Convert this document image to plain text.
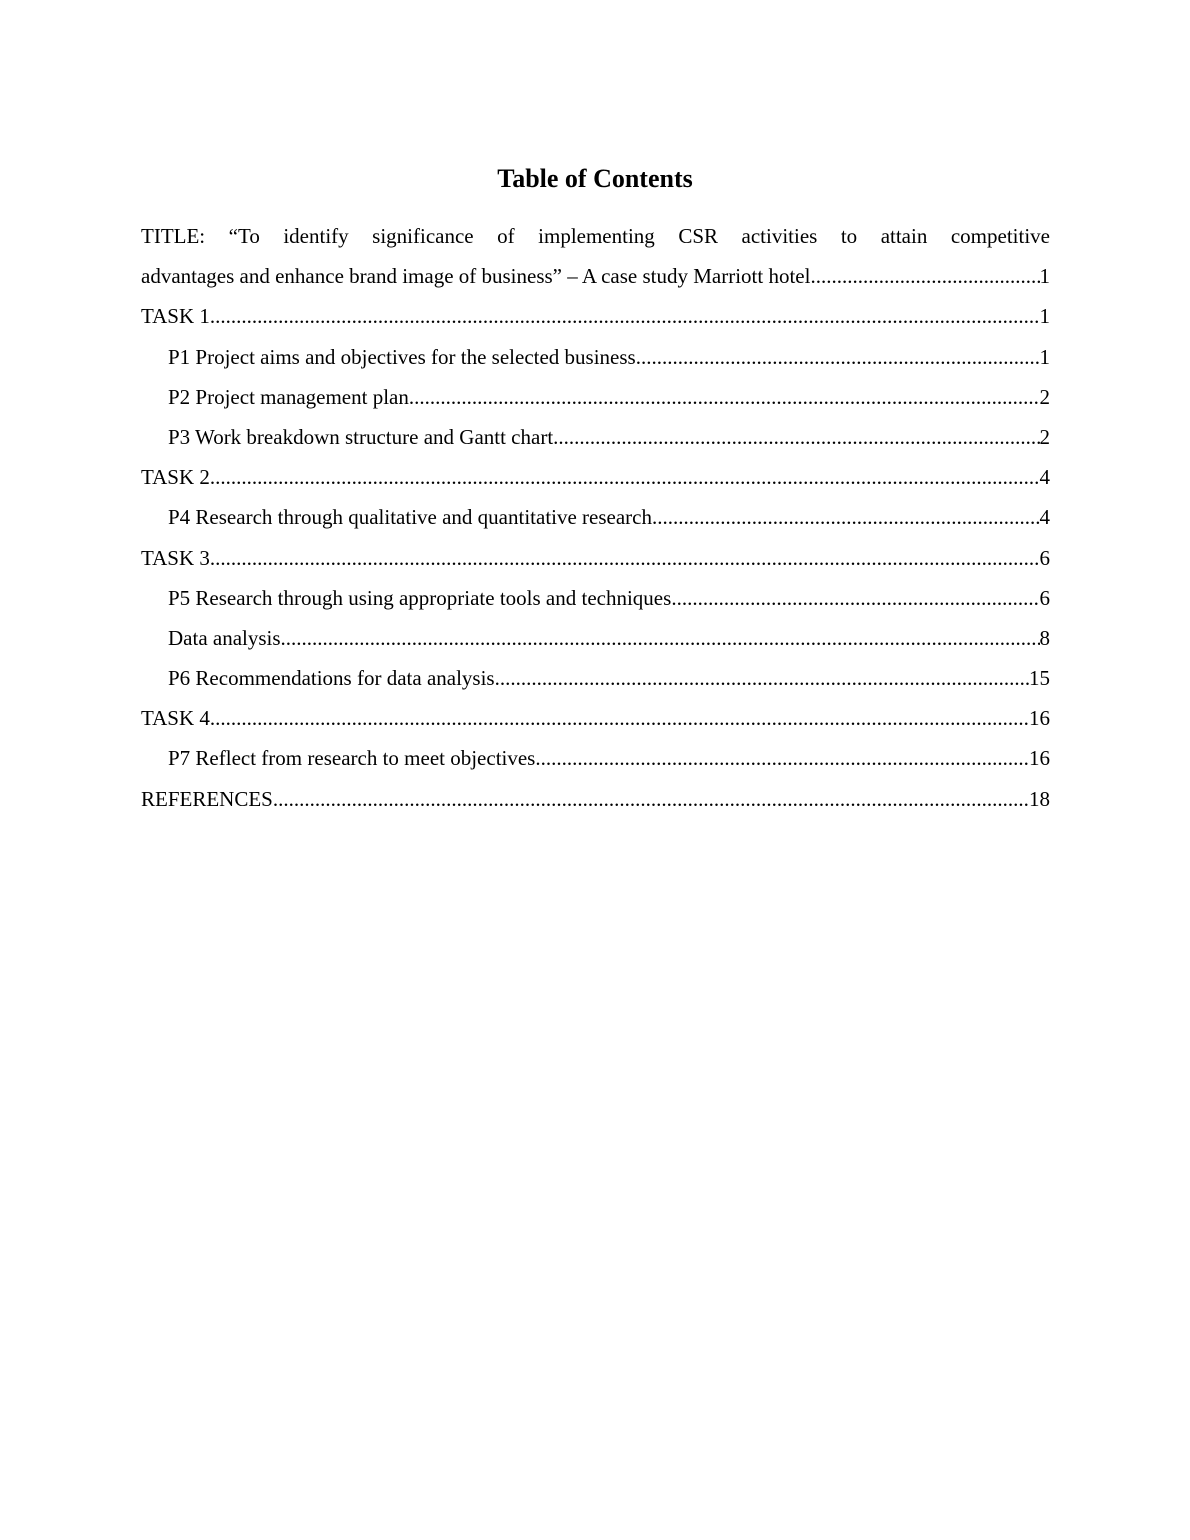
Table of Contents
TITLE: “To identify significance of implementing CSR activities to attain competitive
advantages and enhance brand image of business” – A case study Marriott hotel .....	1
TASK 1 .....	1
P1 Project aims and objectives for the selected business .....	1
P2 Project management plan .....	2
P3 Work breakdown structure and Gantt chart .....	2
TASK 2 .....	4
P4 Research through qualitative and quantitative research .....	4
TASK 3 .....	6
P5 Research through using appropriate tools and techniques .....	6
Data analysis .....	8
P6 Recommendations for data analysis .....	15
TASK 4 .....	16
P7 Reflect from research to meet objectives .....	16
REFERENCES .....	18
